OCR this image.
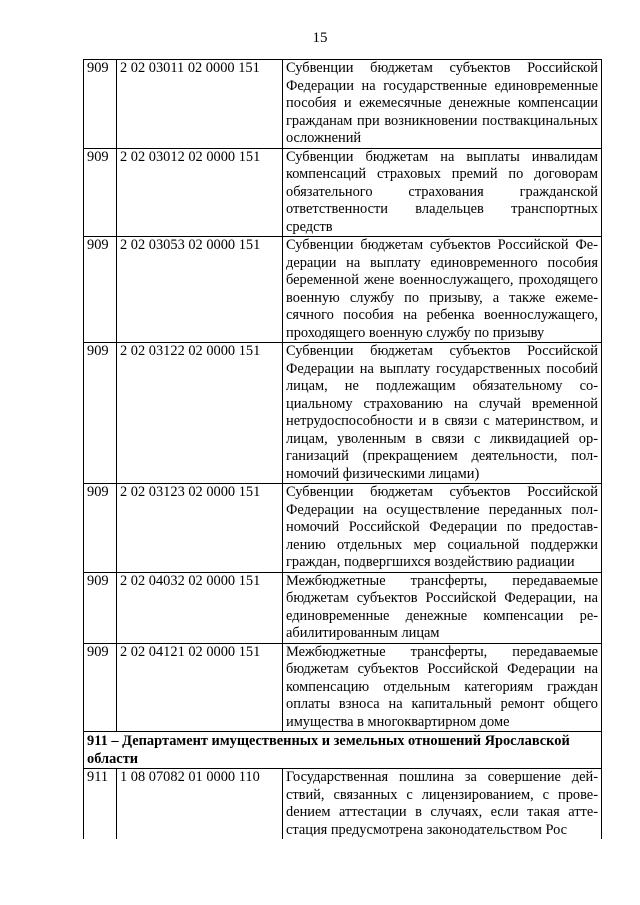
15
909	2 02 03011 02 0000 151	Субвенции бюджетам субъектов Российской Федерации на государственные единовременные пособия и ежемесячные денежные компенсации гражданам при возникновении поствакцинальных осложнений
909	2 02 03012 02 0000 151	Субвенции бюджетам на выплаты инвалидам компенсаций страховых премий по договорам обязательного страхования гражданской ответственности владельцев транспортных средств
909	2 02 03053 02 0000 151	Субвенции бюджетам субъектов Российской Федерации на выплату единовременного пособия беременной жене военнослужащего, проходящего военную службу по призыву, а также ежемесячного пособия на ребенка военнослужащего, проходящего военную службу по призыву
909	2 02 03122 02 0000 151	Субвенции бюджетам субъектов Российской Федерации на выплату государственных пособий лицам, не подлежащим обязательному социальному страхованию на случай временной нетрудоспособности и в связи с материнством, и лицам, уволенным в связи с ликвидацией организаций (прекращением деятельности, полномочий физическими лицами)
909	2 02 03123 02 0000 151	Субвенции бюджетам субъектов Российской Федерации на осуществление переданных полномочий Российской Федерации по предоставлению отдельных мер социальной поддержки граждан, подвергшихся воздействию радиации
909	2 02 04032 02 0000 151	Межбюджетные трансферты, передаваемые бюджетам субъектов Российской Федерации, на единовременные денежные компенсации реабилитированным лицам
909	2 02 04121 02 0000 151	Межбюджетные трансферты, передаваемые бюджетам субъектов Российской Федерации на компенсацию отдельным категориям граждан оплаты взноса на капитальный ремонт общего имущества в многоквартирном доме
911 – Департамент имущественных и земельных отношений Ярославской области		
911	1 08 07082 01 0000 110	Государственная пошлина за совершение действий, связанных с лицензированием, с провеdением аттестации в случаях, если такая аттестация предусмотрена законодательством Рос
